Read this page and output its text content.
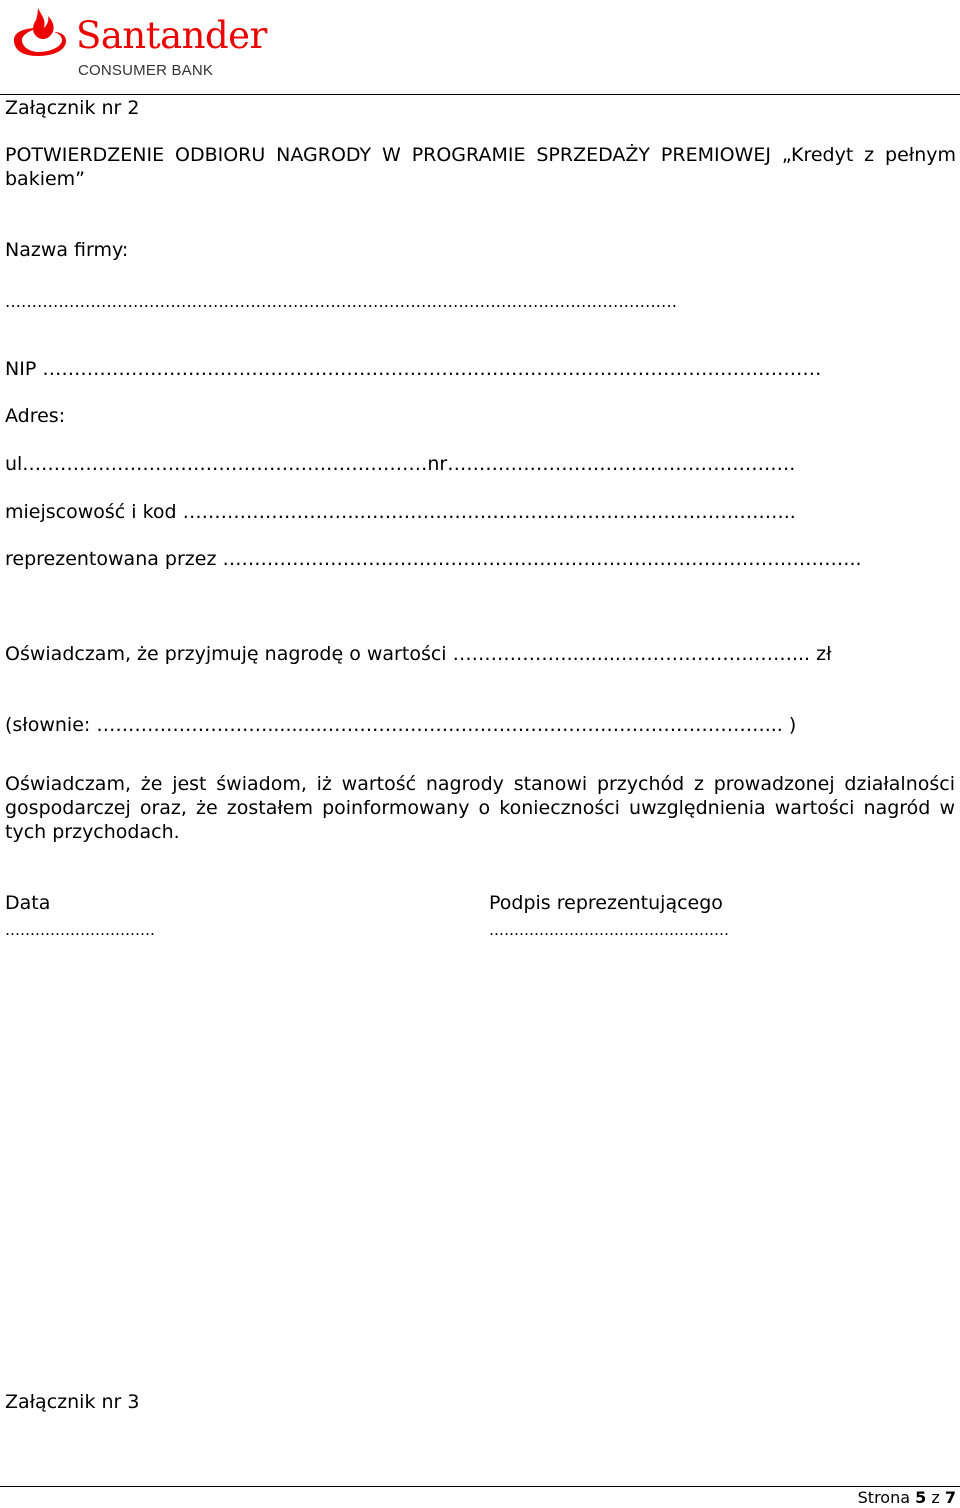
Santander
CONSUMER BANK
Załącznik nr 2
POTWIERDZENIE ODBIORU NAGRODY W PROGRAMIE SPRZEDAŻY PREMIOWEJ „Kredyt z pełnym bakiem”
Nazwa firmy:
………………………………………………………………………………………………………………
NIP ……………………………………………………………………………………………………………
Adres:
ul.………………………………………………………nr……………………………………………….
miejscowość i kod ………………………..…………………………………………………………..
reprezentowana przez ………………………………………………………………………………………..
Oświadczam, że przyjmuję nagrodę o wartości ……………….........………………………... zł
(słownie: ………………………..........……………………………………………………………... )
Oświadczam, że jest świadom, iż wartość nagrody stanowi przychód z prowadzonej działalności gospodarczej oraz, że zostałem poinformowany o konieczności uwzględnienia wartości nagród w tych przychodach.
Data
…………………………
Podpis reprezentującego
…………………………………………
Załącznik nr 3
Strona 5 z 7
